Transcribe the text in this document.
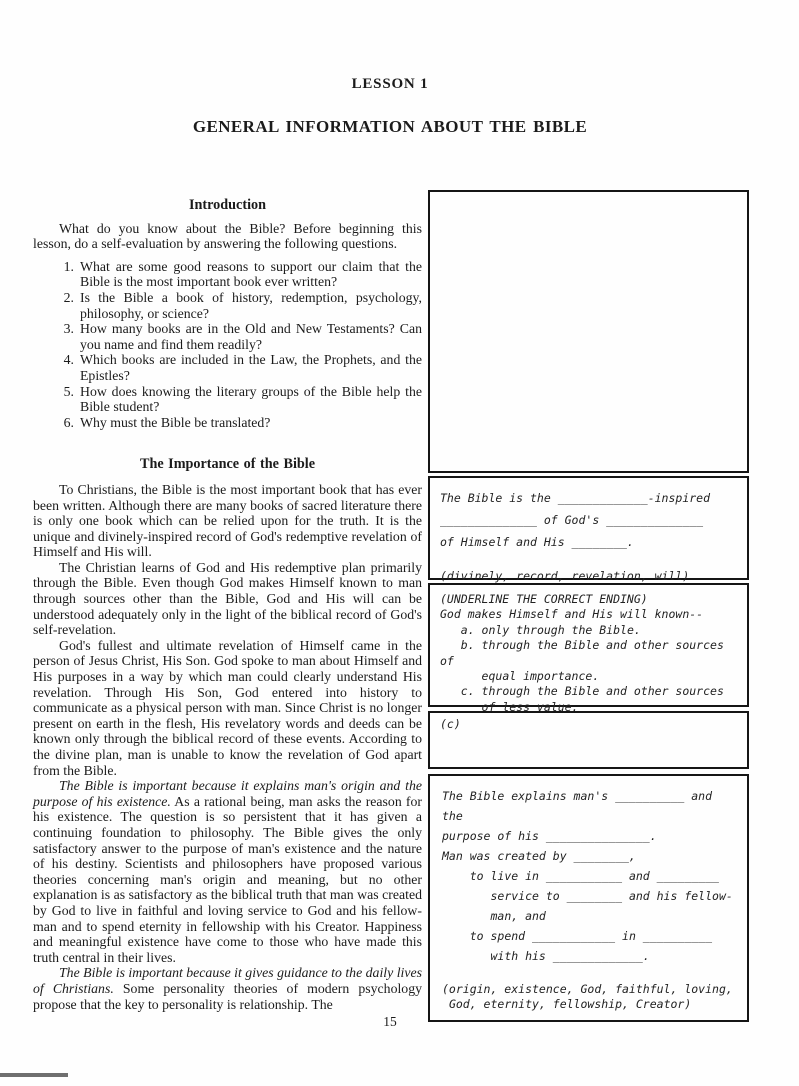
LESSON 1
GENERAL INFORMATION ABOUT THE BIBLE
Introduction

What do you know about the Bible? Before beginning this lesson, do a self-evaluation by answering the following questions.

1. What are some good reasons to support our claim that the Bible is the most important book ever written?
2. Is the Bible a book of history, redemption, psychology, philosophy, or science?
3. How many books are in the Old and New Testaments? Can you name and find them readily?
4. Which books are included in the Law, the Prophets, and the Epistles?
5. How does knowing the literary groups of the Bible help the Bible student?
6. Why must the Bible be translated?
The Importance of the Bible

To Christians, the Bible is the most important book that has ever been written. Although there are many books of sacred literature there is only one book which can be relied upon for the truth. It is the unique and divinely-inspired record of God's redemptive revelation of Himself and His will.

The Christian learns of God and His redemptive plan primarily through the Bible. Even though God makes Himself known to man through sources other than the Bible, God and His will can be understood adequately only in the light of the biblical record of God's self-revelation.

God's fullest and ultimate revelation of Himself came in the person of Jesus Christ, His Son. God spoke to man about Himself and His purposes in a way by which man could clearly understand His revelation. Through His Son, God entered into history to communicate as a physical person with man. Since Christ is no longer present on earth in the flesh, His revelatory words and deeds can be known only through the biblical record of these events. According to the divine plan, man is unable to know the revelation of God apart from the Bible.

The Bible is important because it explains man's origin and the purpose of his existence. As a rational being, man asks the reason for his existence. The question is so persistent that it has given a continuing foundation to philosophy. The Bible gives the only satisfactory answer to the purpose of man's existence and the nature of his destiny. Scientists and philosophers have proposed various theories concerning man's origin and meaning, but no other explanation is as satisfactory as the biblical truth that man was created by God to live in faithful and loving service to God and his fellow-man and to spend eternity in fellowship with his Creator. Happiness and meaningful existence have come to those who have made this truth central in their lives.

The Bible is important because it gives guidance to the daily lives of Christians. Some personality theories of modern psychology propose that the key to personality is relationship. The

The Bible is the _____________-inspired
______________ of God's ______________
of Himself and His ________.
(divinely, record, revelation, will)
(UNDERLINE THE CORRECT ENDING)
God makes Himself and His will known--
a. only through the Bible.
b. through the Bible and other sources of
equal importance.
c. through the Bible and other sources
of less value.
(c)
The Bible explains man's __________ and the
purpose of his _______________.
Man was created by ________,
to live in ___________ and _________
service to ________ and his fellow-
man, and
to spend ____________ in __________
with his _____________.
(origin, existence, God, faithful, loving,
God, eternity, fellowship, Creator)
15
